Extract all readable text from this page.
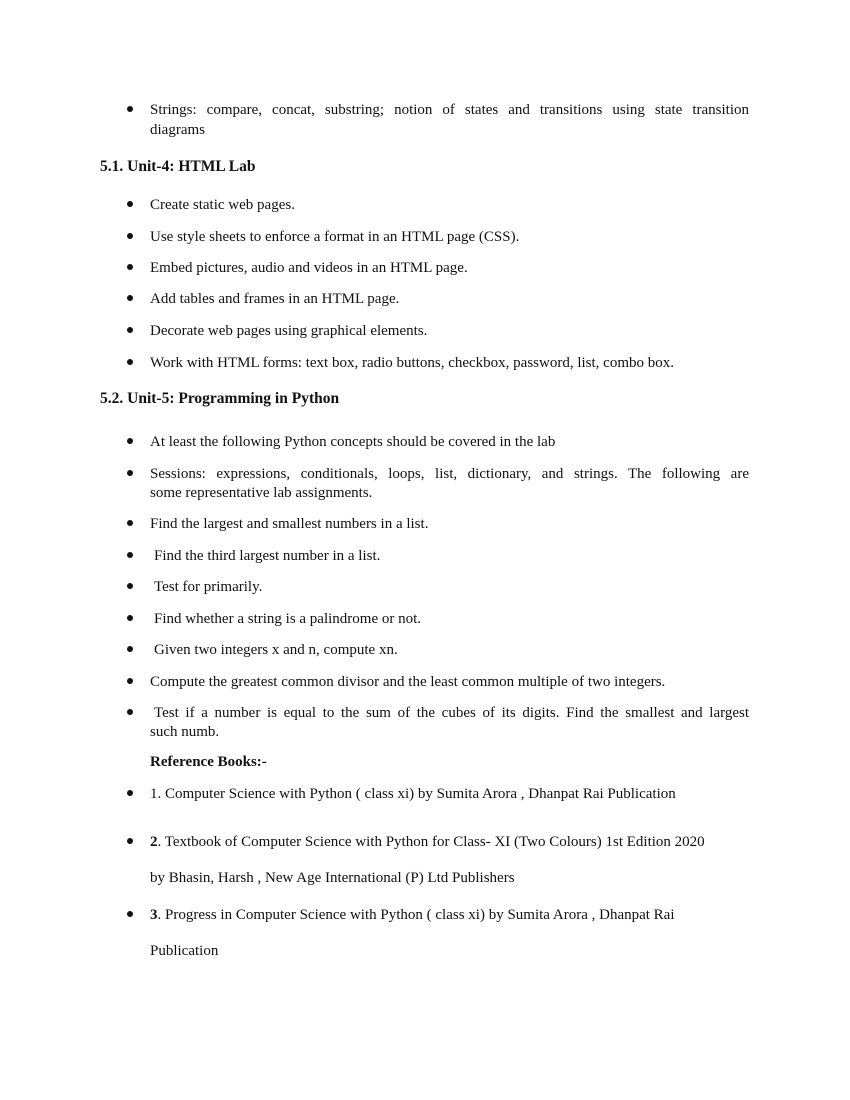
Strings: compare, concat, substring; notion of states and transitions using state transition
diagrams
5.1. Unit-4: HTML Lab
Create static web pages.
Use style sheets to enforce a format in an HTML page (CSS).
Embed pictures, audio and videos in an HTML page.
Add tables and frames in an HTML page.
Decorate web pages using graphical elements.
Work with HTML forms: text box, radio buttons, checkbox, password, list, combo box.
5.2. Unit-5: Programming in Python
At least the following Python concepts should be covered in the lab
Sessions: expressions, conditionals, loops, list, dictionary, and strings. The following are
some representative lab assignments.
Find the largest and smallest numbers in a list.
Find the third largest number in a list.
Test for primarily.
Find whether a string is a palindrome or not.
Given two integers x and n, compute xn.
Compute the greatest common divisor and the least common multiple of two integers.
Test if a number is equal to the sum of the cubes of its digits. Find the smallest and largest
such numb.
Reference Books:-
1. Computer Science with Python ( class xi) by Sumita Arora , Dhanpat Rai Publication
2. Textbook of Computer Science with Python for Class- XI (Two Colours) 1st Edition 2020
by Bhasin, Harsh , New Age International (P) Ltd Publishers
3. Progress in Computer Science with Python ( class xi) by Sumita Arora , Dhanpat Rai
Publication
